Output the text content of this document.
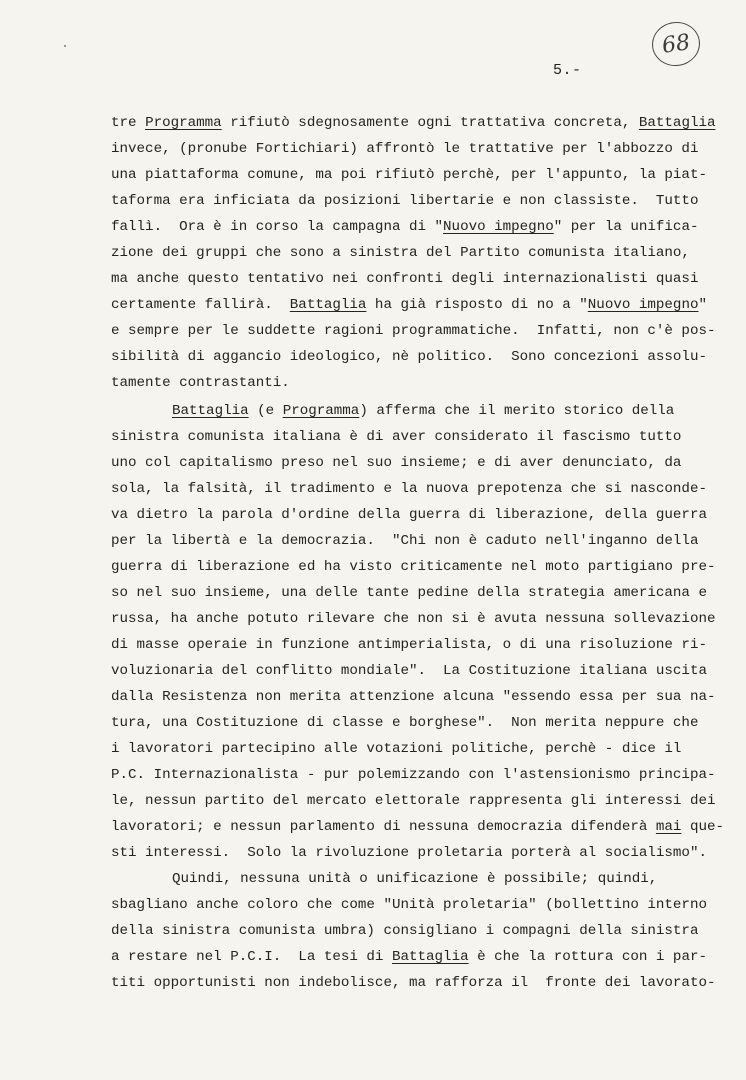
68
5.-
tre Programma rifiutò sdegnosamente ogni trattativa concreta, Battaglia
invece, (pronube Fortichiari) affrontò le trattative per l'abbozzo di
una piattaforma comune, ma poi rifiutò perchè, per l'appunto, la piat-
taforma era inficiata da posizioni libertarie e non classiste.  Tutto
fallì.  Ora è in corso la campagna di "Nuovo impegno" per la unifica-
zione dei gruppi che sono a sinistra del Partito comunista italiano,
ma anche questo tentativo nei confronti degli internazionalisti quasi
certamente fallirà.  Battaglia ha già risposto di no a "Nuovo impegno"
e sempre per le suddette ragioni programmatiche.  Infatti, non c'è pos-
sibilità di aggancio ideologico, nè politico.  Sono concezioni assolu-
tamente contrastanti.
Battaglia (e Programma) afferma che il merito storico della
sinistra comunista italiana è di aver considerato il fascismo tutto
uno col capitalismo preso nel suo insieme; e di aver denunciato, da
sola, la falsità, il tradimento e la nuova prepotenza che si nasconde-
va dietro la parola d'ordine della guerra di liberazione, della guerra
per la libertà e la democrazia.  "Chi non è caduto nell'inganno della
guerra di liberazione ed ha visto criticamente nel moto partigiano pre-
so nel suo insieme, una delle tante pedine della strategia americana e
russa, ha anche potuto rilevare che non si è avuta nessuna sollevazione
di masse operaie in funzione antimperialista, o di una risoluzione ri-
voluzionaria del conflitto mondiale".  La Costituzione italiana uscita
dalla Resistenza non merita attenzione alcuna "essendo essa per sua na-
tura, una Costituzione di classe e borghese".  Non merita neppure che
i lavoratori partecipino alle votazioni politiche, perchè - dice il
P.C. Internazionalista - pur polemizzando con l'astensionismo principa-
le, nessun partito del mercato elettorale rappresenta gli interessi dei
lavoratori; e nessun parlamento di nessuna democrazia difenderà mai que-
sti interessi.  Solo la rivoluzione proletaria porterà al socialismo".
Quindi, nessuna unità o unificazione è possibile; quindi,
sbagliano anche coloro che come "Unità proletaria" (bollettino interno
della sinistra comunista umbra) consigliano i compagni della sinistra
a restare nel P.C.I.  La tesi di Battaglia è che la rottura con i par-
titi opportunisti non indebolisce, ma rafforza il  fronte dei lavorato-
